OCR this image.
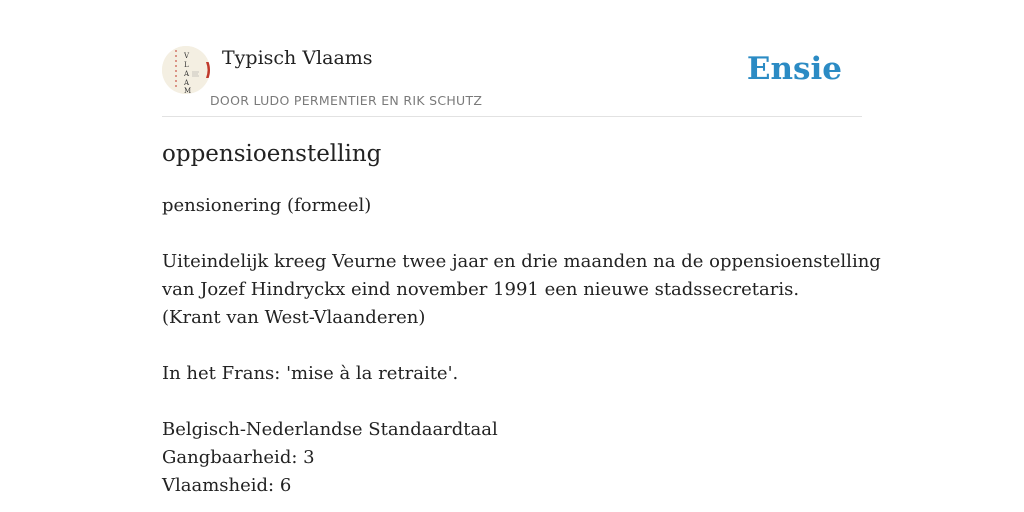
V
L
A
A
M
Typisch Vlaams
DOOR LUDO PERMENTIER EN RIK SCHUTZ
Ensie
oppensioenstelling
pensionering (formeel)
Uiteindelijk kreeg Veurne twee jaar en drie maanden na de oppensioenstelling
van Jozef Hindryckx eind november 1991 een nieuwe stadssecretaris.
(Krant van West-Vlaanderen)
In het Frans: 'mise à la retraite'.
Belgisch-Nederlandse Standaardtaal
Gangbaarheid: 3
Vlaamsheid: 6
